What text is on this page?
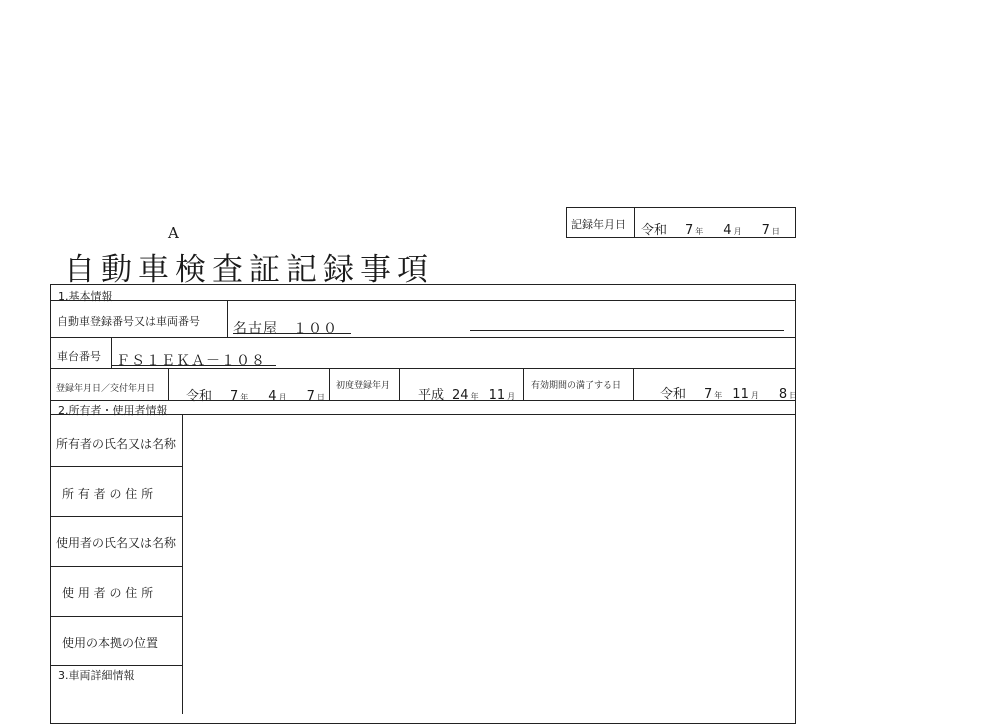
A
自動車検査証記録事項
記録年月日 令和 7 年 4 月 7 日
1.基本情報
自動車登録番号又は車両番号 名古屋　１００
車台番号 ＦＳ１ＥＫＡ－１０８
登録年月日／交付年月日 令和 7 年 4 月 7 日
初度登録年月
平成 24 年 11 月
有効期間の満了する日
令和 7 年 11 月 8 日
2.所有者・使用者情報
所有者の氏名又は名称
所 有 者 の 住 所
使用者の氏名又は名称
使 用 者 の 住 所
使用の本拠の位置
3.車両詳細情報
